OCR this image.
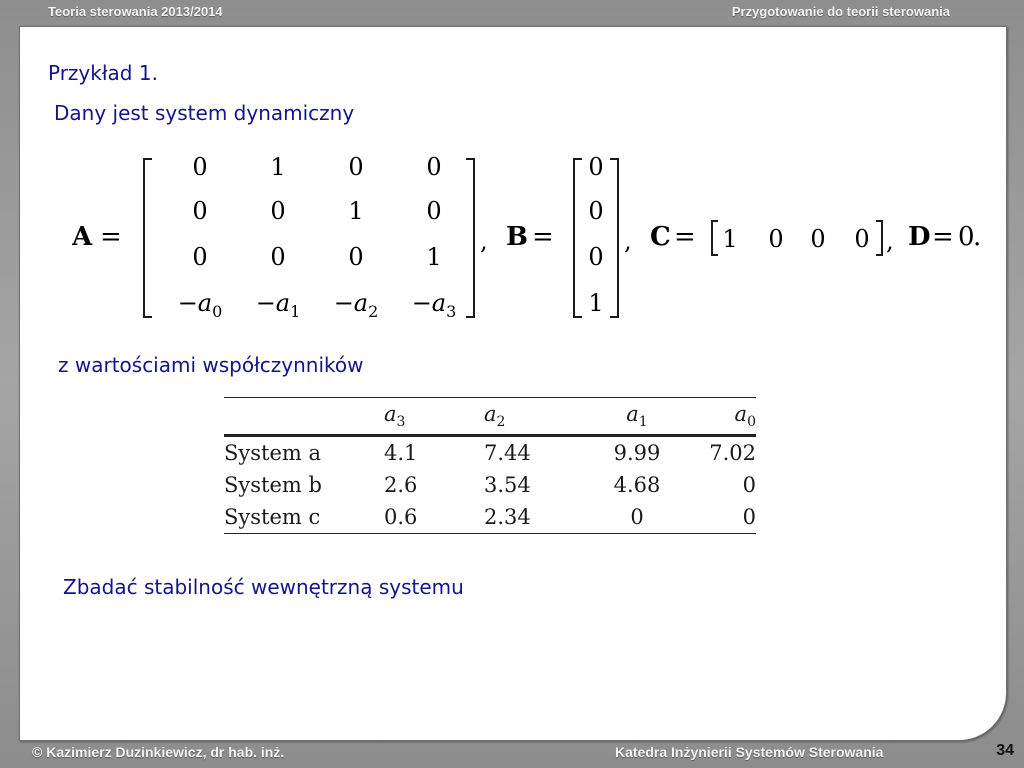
Teoria sterowania 2013/2014	Przygotowanie do teorii sterowania
Przykład 1.
Dany jest system dynamiczny
A =
0	1	0	0
0	0	1	0
0	0	0	1
$-a_0 -a_1 -a_2 -a_3$
, B =
0
0
0
1
, C = 1 0 0 0 , D = 0
.
z wartościami współczynników
	$a_3$	$a_2$	$a_1$	$a_0$
System a	4.1	7.44	9.99	7.02
System b	2.6	3.54	4.68	0
System c	0.6	2.34	0	0
Zbadać stabilność wewnętrzną systemu
© Kazimierz Duzinkiewicz, dr hab. inż.	Katedra Inżynierii Systemów Sterowania	34
